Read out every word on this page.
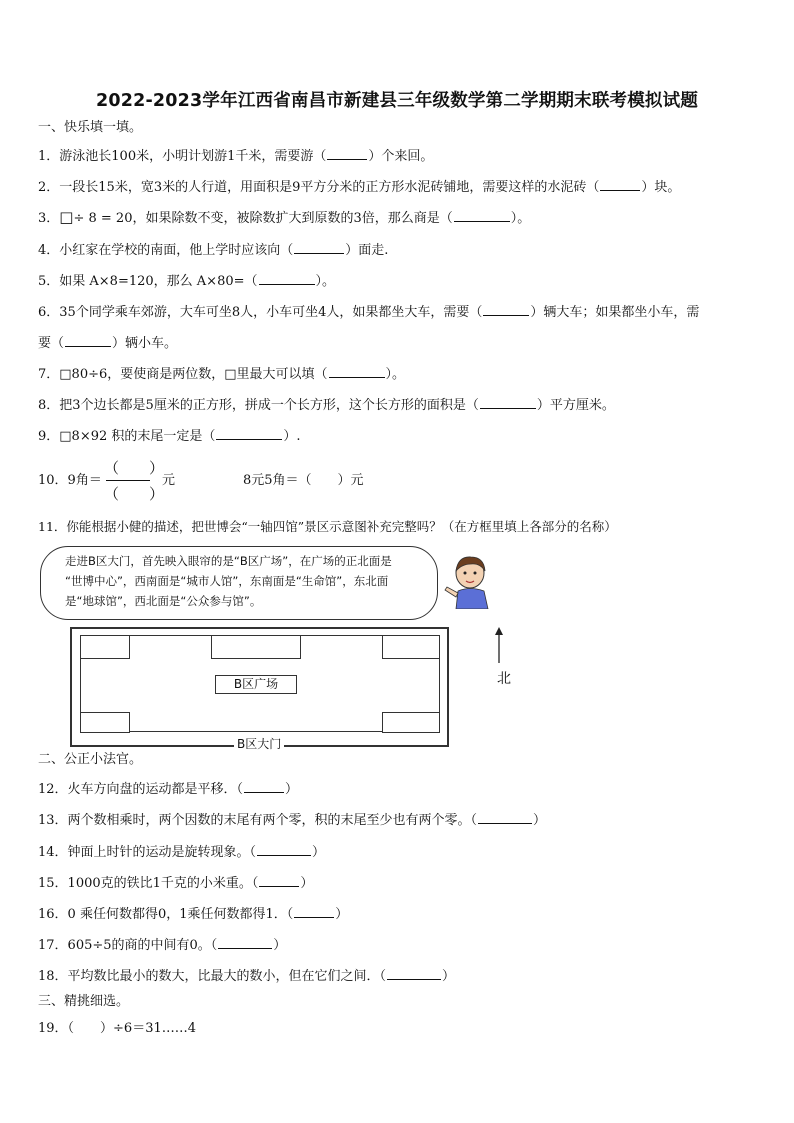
2022-2023学年江西省南昌市新建县三年级数学第二学期期末联考模拟试题
一、快乐填一填。
1．游泳池长100米，小明计划游1千米，需要游（	）个来回。
2．一段长15米，宽3米的人行道，用面积是9平方分米的正方形水泥砖铺地，需要这样的水泥砖（	）块。
3．□÷ 8 = 20，如果除数不变，被除数扩大到原数的3倍，那么商是（	）。
4．小红家在学校的南面，他上学时应该向（	）面走.
5．如果 A×8=120，那么 A×80=（	）。
6．35个同学乘车郊游，大车可坐8人，小车可坐4人，如果都坐大车，需要（	）辆大车；如果都坐小车，需
要（	）辆小车。
7．□80÷6，要使商是两位数，□里最大可以填（	）。
8．把3个边长都是5厘米的正方形，拼成一个长方形，这个长方形的面积是（	）平方厘米。
9．□8×92 积的末尾一定是（	）.
10．9角＝
（　　）
（　　）
元	8元5角＝（　　）元
11．你能根据小健的描述，把世博会“一轴四馆”景区示意图补充完整吗？（在方框里填上各部分的名称）
走进B区大门，首先映入眼帘的是“B区广场”，在广场的正北面是
“世博中心”，西南面是“城市人馆”，东南面是“生命馆”，东北面
是“地球馆”，西北面是“公众参与馆”。
B区广场
B区大门
北
二、公正小法官。
12．火车方向盘的运动都是平移．（	）
13．两个数相乘时，两个因数的末尾有两个零，积的末尾至少也有两个零。（	）
14．钟面上时针的运动是旋转现象。（	）
15．1000克的铁比1千克的小米重。（	）
16．0 乘任何数都得0，1乘任何数都得1．（	）
17．605÷5的商的中间有0。（	）
18．平均数比最小的数大，比最大的数小，但在它们之间．（	）
三、精挑细选。
19．（　　）÷6＝31……4
